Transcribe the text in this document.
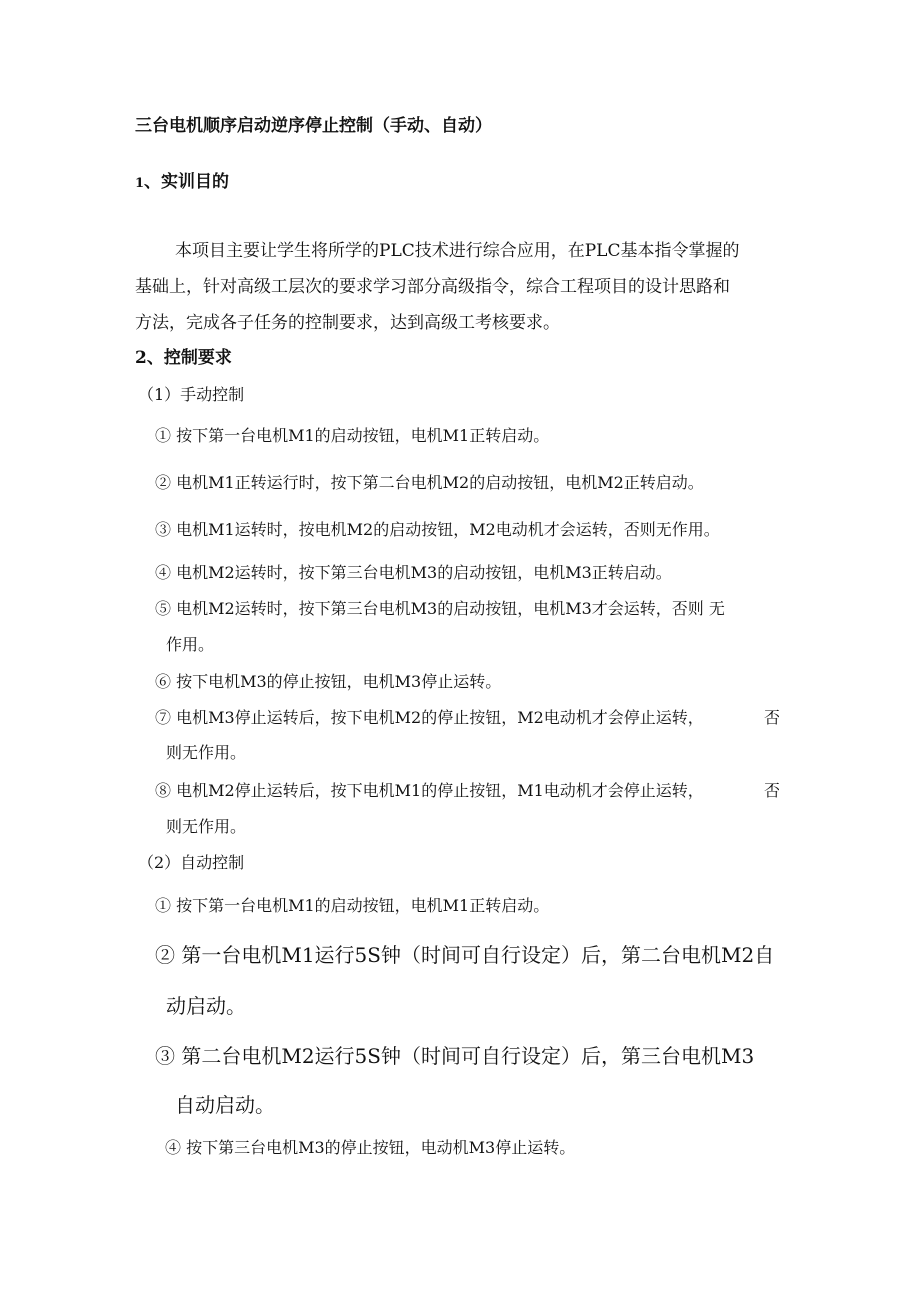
三台电机顺序启动逆序停止控制（手动、自动）
1、实训目的
本项目主要让学生将所学的PLC技术进行综合应用，在PLC基本指令掌握的
基础上，针对高级工层次的要求学习部分高级指令，综合工程项目的设计思路和
方法，完成各子任务的控制要求，达到高级工考核要求。
2、控制要求
（1）手动控制
① 按下第一台电机M1的启动按钮，电机M1正转启动。
② 电机M1正转运行时，按下第二台电机M2的启动按钮，电机M2正转启动。
③ 电机M1运转时，按电机M2的启动按钮，M2电动机才会运转，否则无作用。
④ 电机M2运转时，按下第三台电机M3的启动按钮，电机M3正转启动。
⑤ 电机M2运转时，按下第三台电机M3的启动按钮，电机M3才会运转，否则 无
作用。
⑥ 按下电机M3的停止按钮，电机M3停止运转。
⑦ 电机M3停止运转后，按下电机M2的停止按钮，M2电动机才会停止运转，	否
则无作用。
⑧ 电机M2停止运转后，按下电机M1的停止按钮，M1电动机才会停止运转，	否
则无作用。
（2）自动控制
① 按下第一台电机M1的启动按钮，电机M1正转启动。
② 第一台电机M1运行5S钟（时间可自行设定）后，第二台电机M2自
动启动。
③ 第二台电机M2运行5S钟（时间可自行设定）后，第三台电机M3
自动启动。
④ 按下第三台电机M3的停止按钮，电动机M3停止运转。
